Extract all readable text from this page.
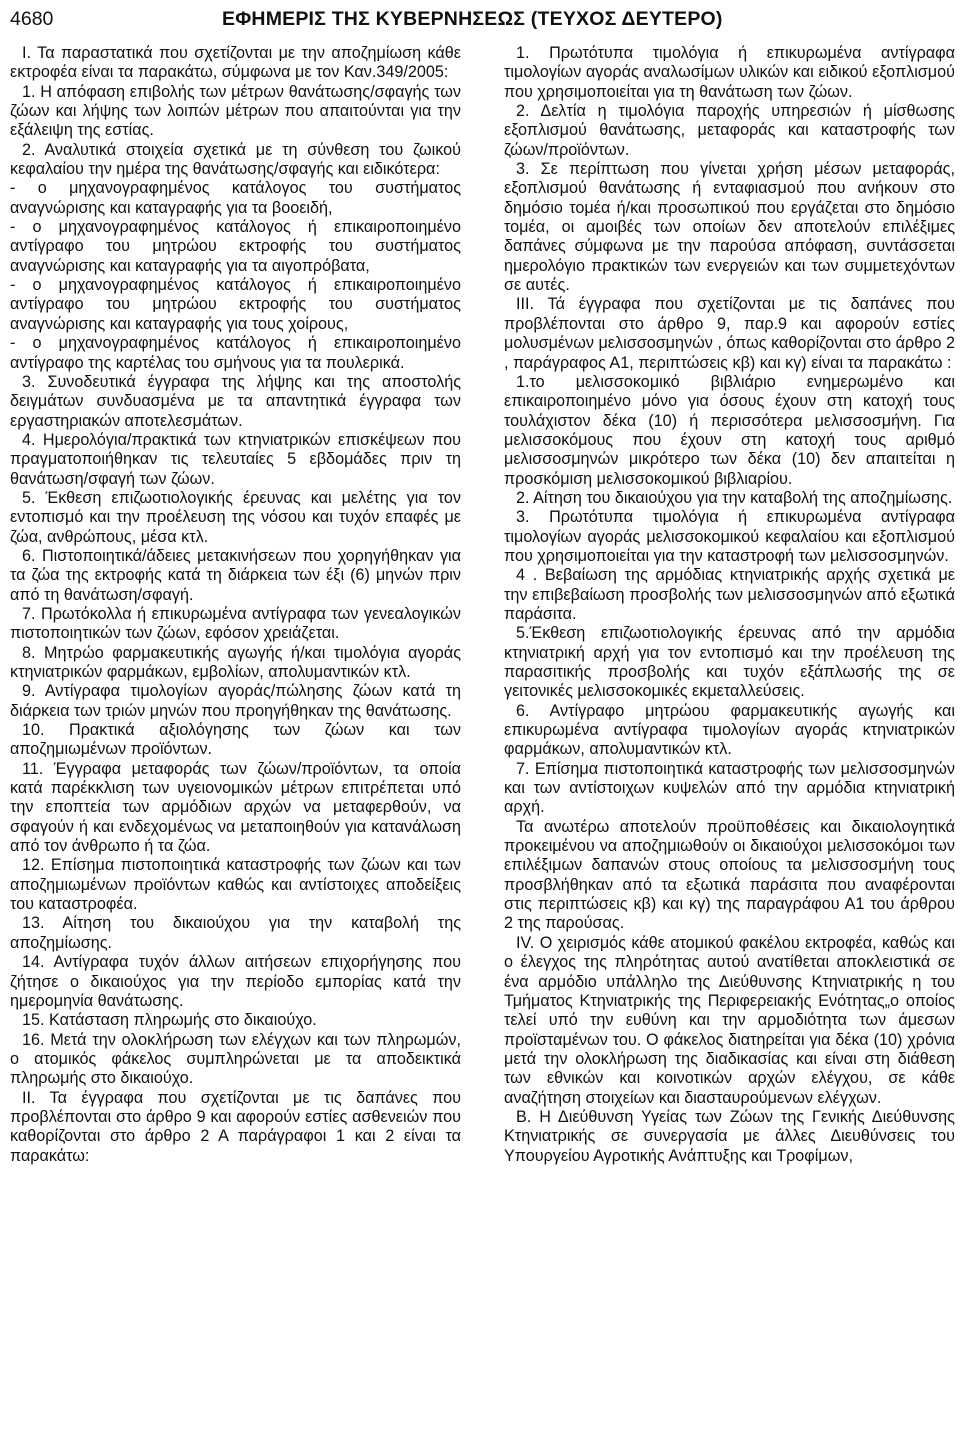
4680	ΕΦΗΜΕΡΙΣ ΤΗΣ ΚΥΒΕΡΝΗΣΕΩΣ (ΤΕΥΧΟΣ ΔΕΥΤΕΡΟ)

Ι. Τα παραστατικά που σχετίζονται με την αποζημίωση κάθε εκτροφέα είναι τα παρακάτω, σύμφωνα με τον Καν.349/2005:

1. Η απόφαση επιβολής των μέτρων θανάτωσης/σφαγής των ζώων και λήψης των λοιπών μέτρων που απαιτούνται για την εξάλειψη της εστίας.

2. Αναλυτικά στοιχεία σχετικά με τη σύνθεση του ζωικού κεφαλαίου την ημέρα της θανάτωσης/σφαγής και ειδικότερα:

- ο μηχανογραφημένος κατάλογος του συστήματος αναγνώρισης και καταγραφής για τα βοοειδή,

- ο μηχανογραφημένος κατάλογος ή επικαιροποιημένο αντίγραφο του μητρώου εκτροφής του συστήματος αναγνώρισης και καταγραφής για τα αιγοπρόβατα,

- ο μηχανογραφημένος κατάλογος ή επικαιροποιημένο αντίγραφο του μητρώου εκτροφής του συστήματος αναγνώρισης και καταγραφής για τους χοίρους,

- ο μηχανογραφημένος κατάλογος ή επικαιροποιημένο αντίγραφο της καρτέλας του σμήνους για τα πουλερικά.

3. Συνοδευτικά έγγραφα της λήψης και της αποστολής δειγμάτων συνδυασμένα με τα απαντητικά έγγραφα των εργαστηριακών αποτελεσμάτων.

4. Ημερολόγια/πρακτικά των κτηνιατρικών επισκέψεων που πραγματοποιήθηκαν τις τελευταίες 5 εβδομάδες πριν τη θανάτωση/σφαγή των ζώων.

5. Έκθεση επιζωοτιολογικής έρευνας και μελέτης για τον εντοπισμό και την προέλευση της νόσου και τυχόν επαφές με ζώα, ανθρώπους, μέσα κτλ.

6. Πιστοποιητικά/άδειες μετακινήσεων που χορηγήθηκαν για τα ζώα της εκτροφής κατά τη διάρκεια των έξι (6) μηνών πριν από τη θανάτωση/σφαγή.

7. Πρωτόκολλα ή επικυρωμένα αντίγραφα των γενεαλογικών πιστοποιητικών των ζώων, εφόσον χρειάζεται.

8. Μητρώο φαρμακευτικής αγωγής ή/και τιμολόγια αγοράς κτηνιατρικών φαρμάκων, εμβολίων, απολυμαντικών κτλ.

9. Αντίγραφα τιμολογίων αγοράς/πώλησης ζώων κατά τη διάρκεια των τριών μηνών που προηγήθηκαν της θανάτωσης.

10. Πρακτικά αξιολόγησης των ζώων και των αποζημιωμένων προϊόντων.

11. Έγγραφα μεταφοράς των ζώων/προϊόντων, τα οποία κατά παρέκκλιση των υγειονομικών μέτρων επιτρέπεται υπό την εποπτεία των αρμόδιων αρχών να μεταφερθούν, να σφαγούν ή και ενδεχομένως να μεταποιηθούν για κατανάλωση από τον άνθρωπο ή τα ζώα.

12. Επίσημα πιστοποιητικά καταστροφής των ζώων και των αποζημιωμένων προϊόντων καθώς και αντίστοιχες αποδείξεις του καταστροφέα.

13. Αίτηση του δικαιούχου για την καταβολή της αποζημίωσης.

14. Αντίγραφα τυχόν άλλων αιτήσεων επιχορήγησης που ζήτησε ο δικαιούχος για την περίοδο εμπορίας κατά την ημερομηνία θανάτωσης.

15. Κατάσταση πληρωμής στο δικαιούχο.

16. Μετά την ολοκλήρωση των ελέγχων και των πληρωμών, ο ατομικός φάκελος συμπληρώνεται με τα αποδεικτικά πληρωμής στο δικαιούχο.

ΙΙ. Τα έγγραφα που σχετίζονται με τις δαπάνες που προβλέπονται στο άρθρο 9 και αφορούν εστίες ασθενειών που καθορίζονται στο άρθρο 2 Α παράγραφοι 1 και 2 είναι τα παρακάτω:

1. Πρωτότυπα τιμολόγια ή επικυρωμένα αντίγραφα τιμολογίων αγοράς αναλωσίμων υλικών και ειδικού εξοπλισμού που χρησιμοποιείται για τη θανάτωση των ζώων.

2. Δελτία η τιμολόγια παροχής υπηρεσιών ή μίσθωσης εξοπλισμού θανάτωσης, μεταφοράς και καταστροφής των ζώων/προϊόντων.

3. Σε περίπτωση που γίνεται χρήση μέσων μεταφοράς, εξοπλισμού θανάτωσης ή ενταφιασμού που ανήκουν στο δημόσιο τομέα ή/και προσωπικού που εργάζεται στο δημόσιο τομέα, οι αμοιβές των οποίων δεν αποτελούν επιλέξιμες δαπάνες σύμφωνα με την παρούσα απόφαση, συντάσσεται ημερολόγιο πρακτικών των ενεργειών και των συμμετεχόντων σε αυτές.

ΙΙΙ. Τά έγγραφα που σχετίζονται με τις δαπάνες που προβλέπονται στο άρθρο 9, παρ.9 και αφορούν εστίες μολυσμένων μελισσοσμηνών , όπως καθορίζονται στο άρθρο 2 , παράγραφος Α1, περιπτώσεις κβ) και κγ) είναι τα παρακάτω :

1.το μελισσοκομικό βιβλιάριο ενημερωμένο και επικαιροποιημένο μόνο για όσους έχουν στη κατοχή τους τουλάχιστον δέκα (10) ή περισσότερα μελισσοσμήνη. Για μελισσοκόμους που έχουν στη κατοχή τους αριθμό μελισσοσμηνών μικρότερο των δέκα (10) δεν απαιτείται η προσκόμιση μελισσοκομικού βιβλιαρίου.

2. Αίτηση του δικαιούχου για την καταβολή της αποζημίωσης.

3. Πρωτότυπα τιμολόγια ή επικυρωμένα αντίγραφα τιμολογίων αγοράς μελισσοκομικού κεφαλαίου και εξοπλισμού που χρησιμοποιείται για την καταστροφή των μελισσοσμηνών.

4 . Βεβαίωση της αρμόδιας κτηνιατρικής αρχής σχετικά με την επιβεβαίωση προσβολής των μελισσοσμηνών από εξωτικά παράσιτα.

5.Έκθεση επιζωοτιολογικής έρευνας από την αρμόδια κτηνιατρική αρχή για τον εντοπισμό και την προέλευση της παρασιτικής προσβολής και τυχόν εξάπλωσής της σε γειτονικές μελισσοκομικές εκμεταλλεύσεις.

6. Αντίγραφο μητρώου φαρμακευτικής αγωγής και επικυρωμένα αντίγραφα τιμολογίων αγοράς κτηνιατρικών φαρμάκων, απολυμαντικών κτλ.

7. Επίσημα πιστοποιητικά καταστροφής των μελισσοσμηνών και των αντίστοιχων κυψελών από την αρμόδια κτηνιατρική αρχή.

Τα ανωτέρω αποτελούν προϋποθέσεις και δικαιολογητικά προκειμένου να αποζημιωθούν οι δικαιούχοι μελισσοκόμοι των επιλέξιμων δαπανών στους οποίους τα μελισσοσμήνη τους προσβλήθηκαν από τα εξωτικά παράσιτα που αναφέρονται στις περιπτώσεις κβ) και κγ) της παραγράφου Α1 του άρθρου 2 της παρούσας.

IV. Ο χειρισμός κάθε ατομικού φακέλου εκτροφέα, καθώς και ο έλεγχος της πληρότητας αυτού ανατίθεται αποκλειστικά σε ένα αρμόδιο υπάλληλο της Διεύθυνσης Κτηνιατρικής η του Τμήματος Κτηνιατρικής της Περιφερειακής Ενότητας„ο οποίος τελεί υπό την ευθύνη και την αρμοδιότητα των άμεσων προϊσταμένων του. Ο φάκελος διατηρείται για δέκα (10) χρόνια μετά την ολοκλήρωση της διαδικασίας και είναι στη διάθεση των εθνικών και κοινοτικών αρχών ελέγχου, σε κάθε αναζήτηση στοιχείων και διασταυρούμενων ελέγχων.

Β. Η Διεύθυνση Υγείας των Ζώων της Γενικής Διεύθυνσης Κτηνιατρικής σε συνεργασία με άλλες Διευθύνσεις του Υπουργείου Αγροτικής Ανάπτυξης και Τροφίμων,
